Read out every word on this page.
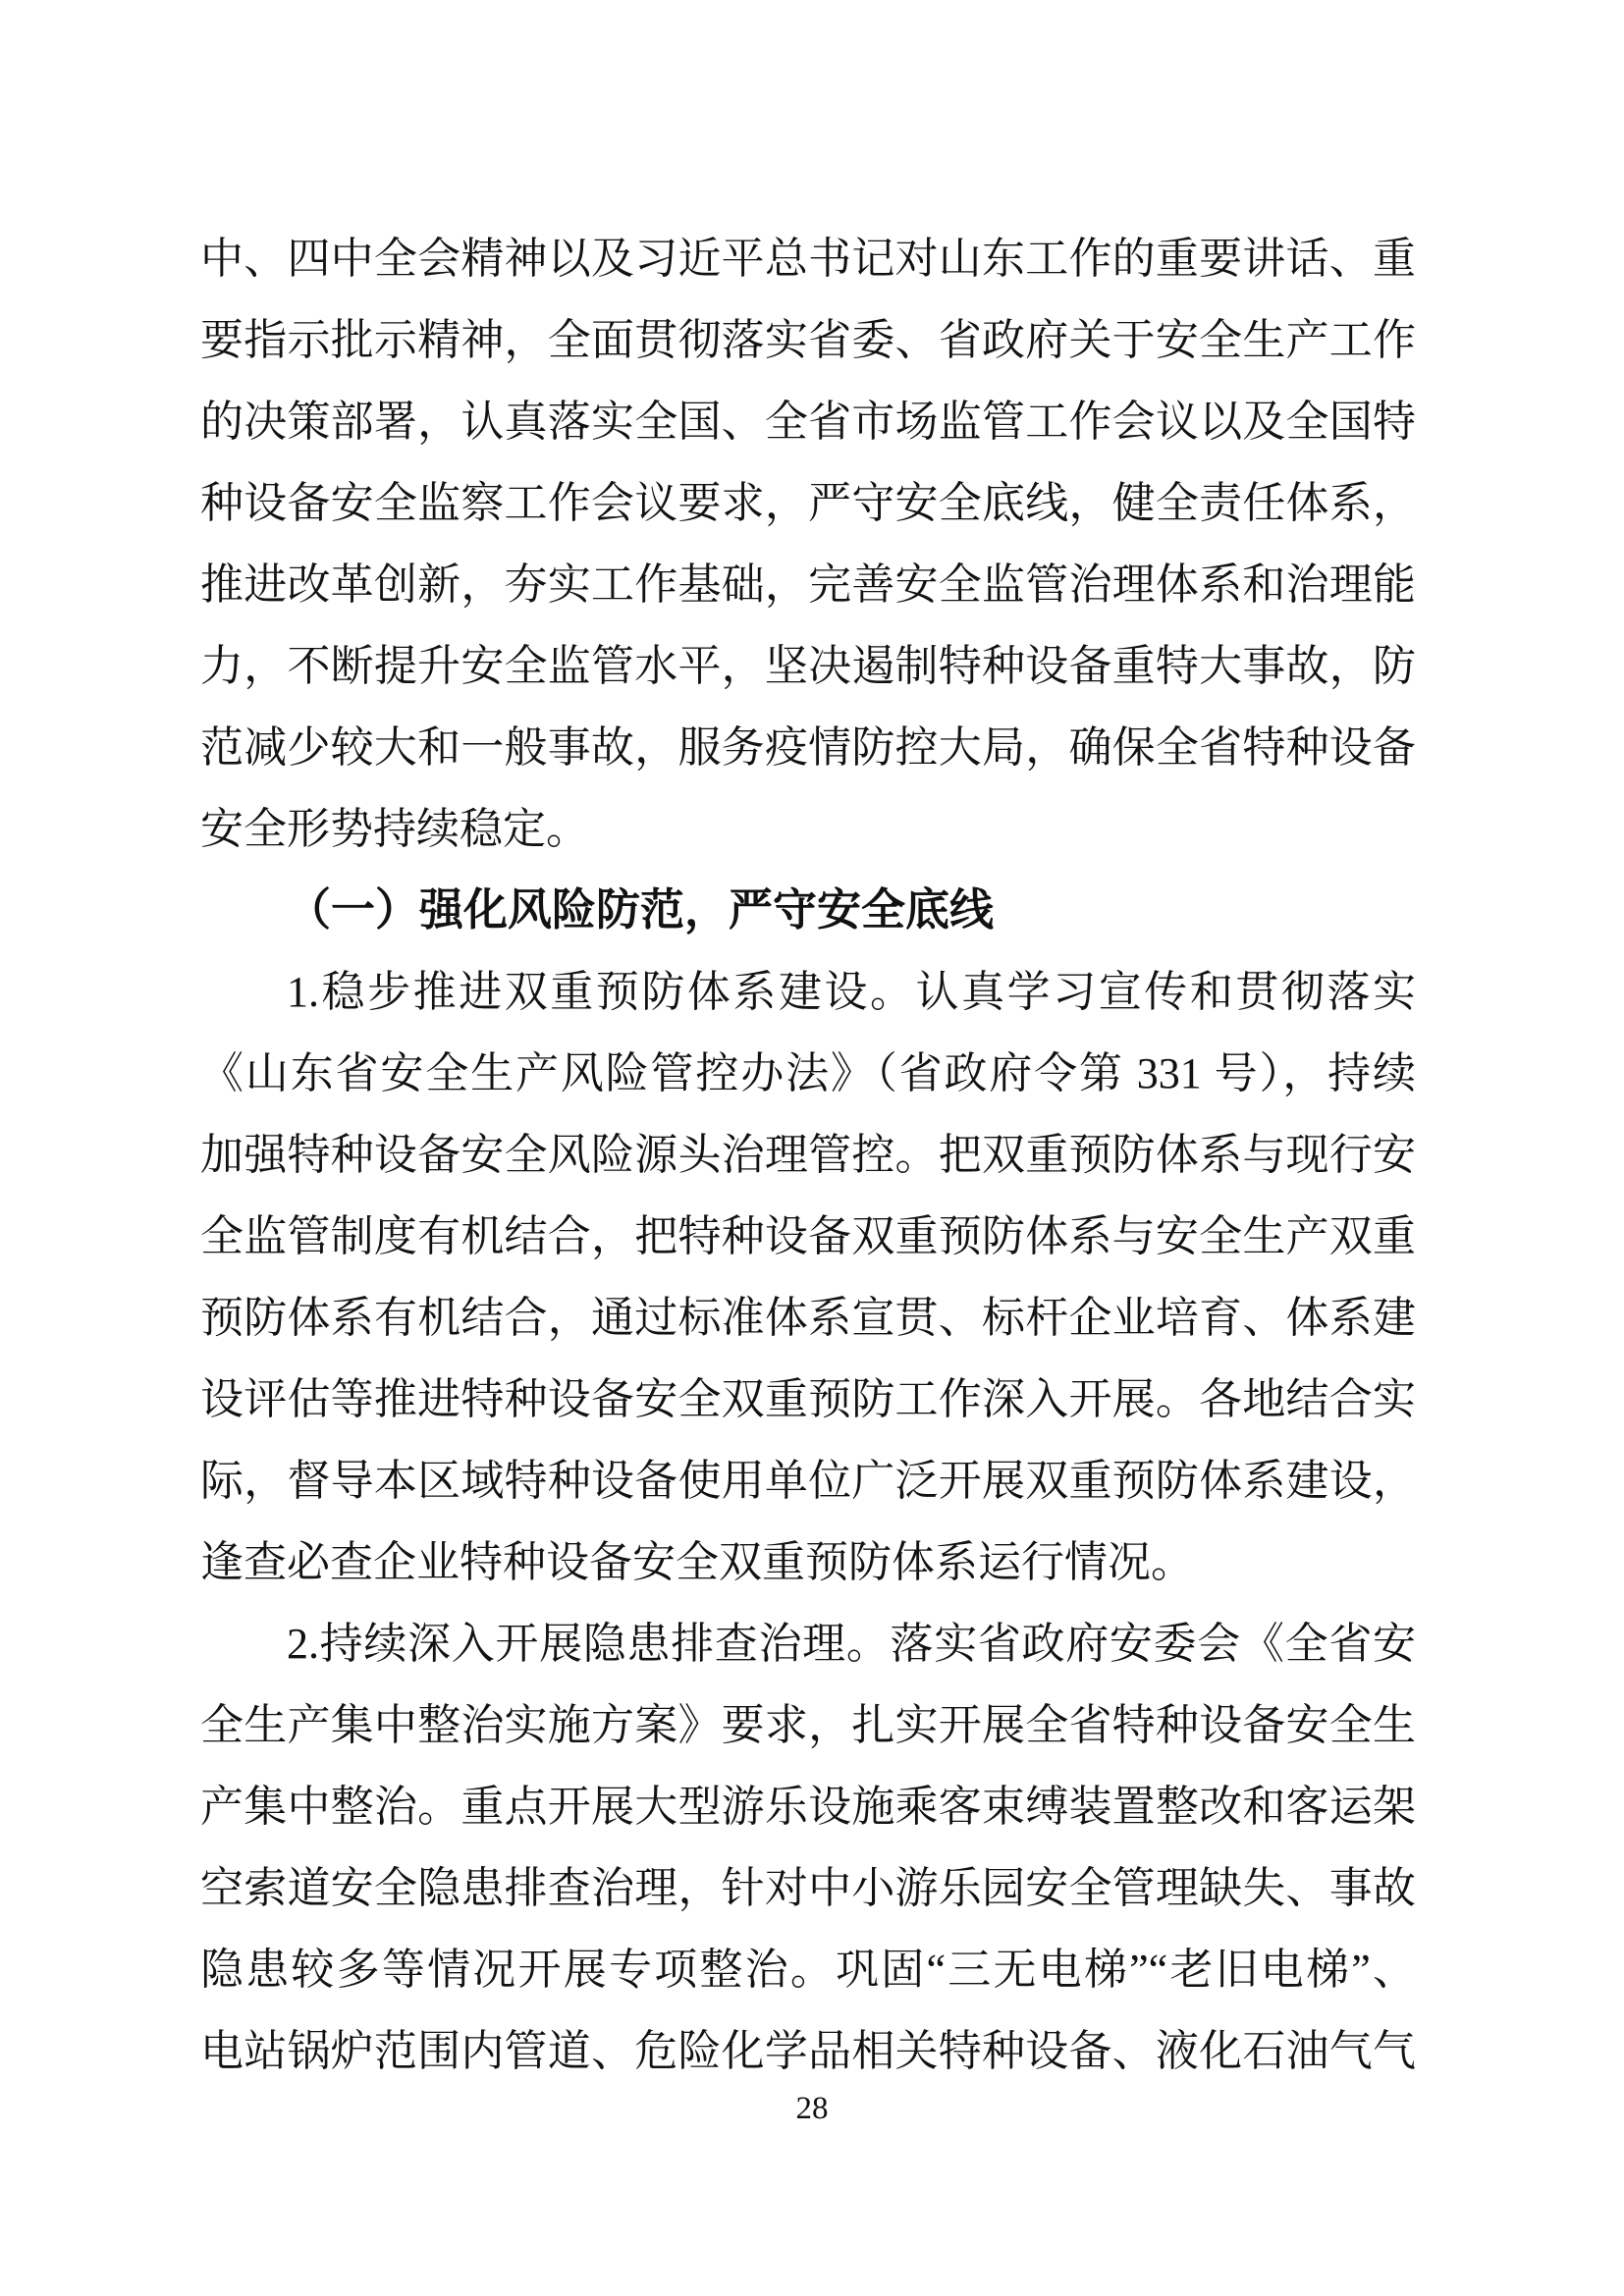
中、四中全会精神以及习近平总书记对山东工作的重要讲话、重
要指示批示精神，全面贯彻落实省委、省政府关于安全生产工作
的决策部署，认真落实全国、全省市场监管工作会议以及全国特
种设备安全监察工作会议要求，严守安全底线，健全责任体系，
推进改革创新，夯实工作基础，完善安全监管治理体系和治理能
力，不断提升安全监管水平，坚决遏制特种设备重特大事故，防
范减少较大和一般事故，服务疫情防控大局，确保全省特种设备
安全形势持续稳定。
（一）强化风险防范，严守安全底线
1.稳步推进双重预防体系建设。认真学习宣传和贯彻落实
《山东省安全生产风险管控办法》（省政府令第 331 号），持续
加强特种设备安全风险源头治理管控。把双重预防体系与现行安
全监管制度有机结合，把特种设备双重预防体系与安全生产双重
预防体系有机结合，通过标准体系宣贯、标杆企业培育、体系建
设评估等推进特种设备安全双重预防工作深入开展。各地结合实
际，督导本区域特种设备使用单位广泛开展双重预防体系建设，
逢查必查企业特种设备安全双重预防体系运行情况。
2.持续深入开展隐患排查治理。落实省政府安委会《全省安
全生产集中整治实施方案》要求，扎实开展全省特种设备安全生
产集中整治。重点开展大型游乐设施乘客束缚装置整改和客运架
空索道安全隐患排查治理，针对中小游乐园安全管理缺失、事故
隐患较多等情况开展专项整治。巩固“三无电梯”“老旧电梯”、
电站锅炉范围内管道、危险化学品相关特种设备、液化石油气气
28
